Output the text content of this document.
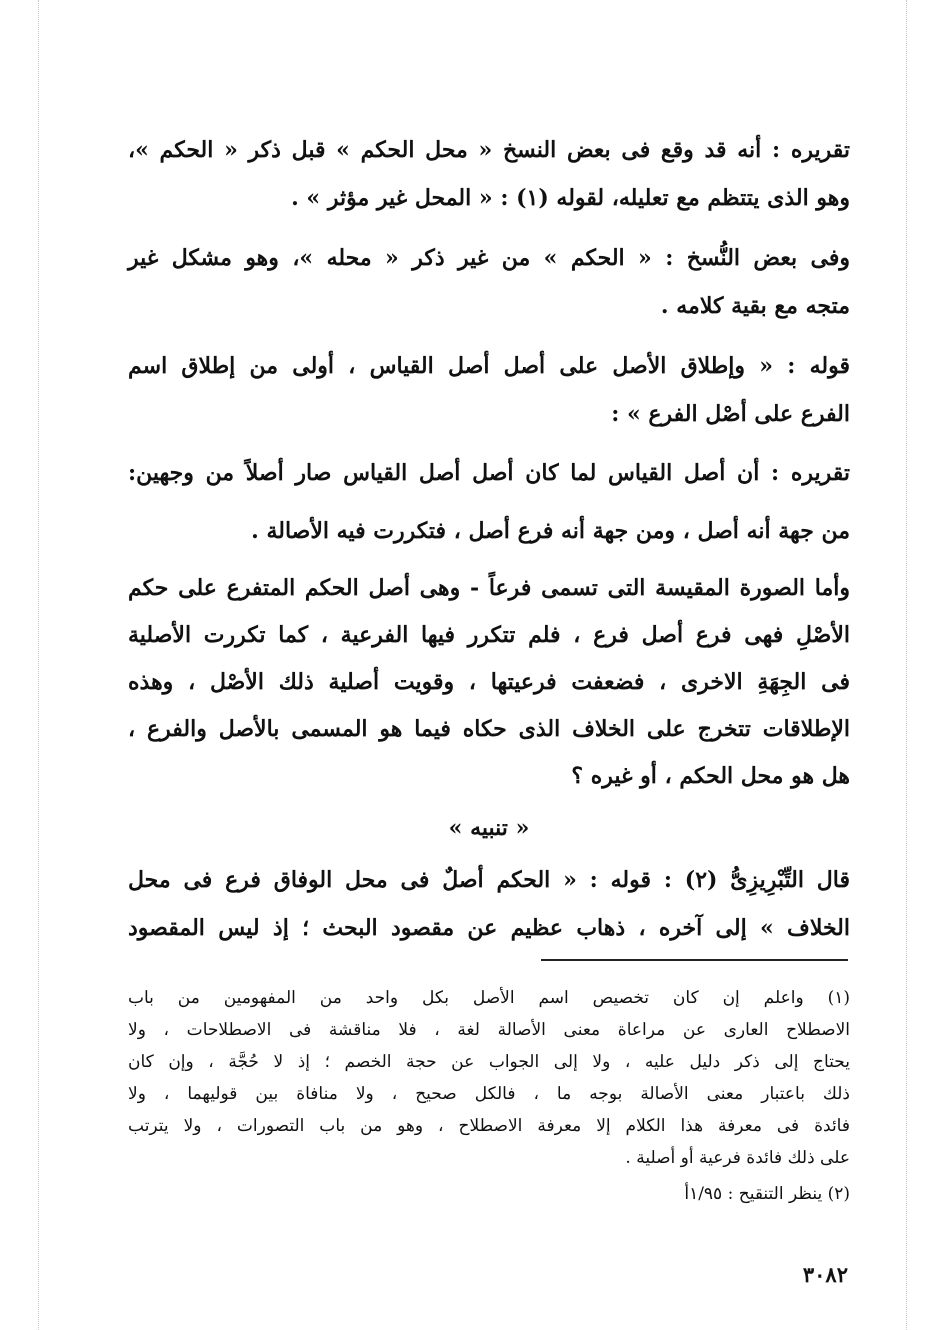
تقريره : أنه قد وقع فى بعض النسخ « محل الحكم » قبل ذكر « الحكم »،
وهو الذى يتتظم مع تعليله، لقوله (١) : « المحل غير مؤثر » .
وفى بعض النُّسخ : « الحكم » من غير ذكر « محله »، وهو مشكل غير
متجه مع بقية كلامه .
قوله : « وإطلاق الأصل على أصل أصل القياس ، أولى من إطلاق اسم
الفرع على أصْل الفرع » :
تقريره : أن أصل القياس لما كان أصل أصل القياس صار أصلاً من وجهين:
من جهة أنه أصل ، ومن جهة أنه فرع أصل ، فتكررت فيه الأصالة .
وأما الصورة المقيسة التى تسمى فرعاً - وهى أصل الحكم المتفرع على حكم
الأصْلِ فهى فرع أصل فرع ، فلم تتكرر فيها الفرعية ، كما تكررت الأصلية
فى الجِهَةِ الاخرى ، فضعفت فرعيتها ، وقويت أصلية ذلك الأصْل ، وهذه
الإطلاقات تتخرج على الخلاف الذى حكاه فيما هو المسمى بالأصل والفرع ،
هل هو محل الحكم ، أو غيره ؟
« تنبيه »
قال التِّبْرِيزِىُّ (٢) : قوله : « الحكم أصلٌ فى محل الوفاق فرع فى محل
الخلاف » إلى آخره ، ذهاب عظيم عن مقصود البحث ؛ إذ ليس المقصود
(١) واعلم إن كان تخصيص اسم الأصل بكل واحد من المفهومين من باب
الاصطلاح العارى عن مراعاة معنى الأصالة لغة ، فلا مناقشة فى الاصطلاحات ، ولا
يحتاج إلى ذكر دليل عليه ، ولا إلى الجواب عن حجة الخصم ؛ إذ لا حُجَّة ، وإن كان
ذلك باعتبار معنى الأصالة بوجه ما ، فالكل صحيح ، ولا منافاة بين قوليهما ، ولا
فائدة فى معرفة هذا الكلام إلا معرفة الاصطلاح ، وهو من باب التصورات ، ولا يترتب
على ذلك فائدة فرعية أو أصلية .
(٢) ينظر التنقيح : ١/٩٥أ
٣٠٨٢
